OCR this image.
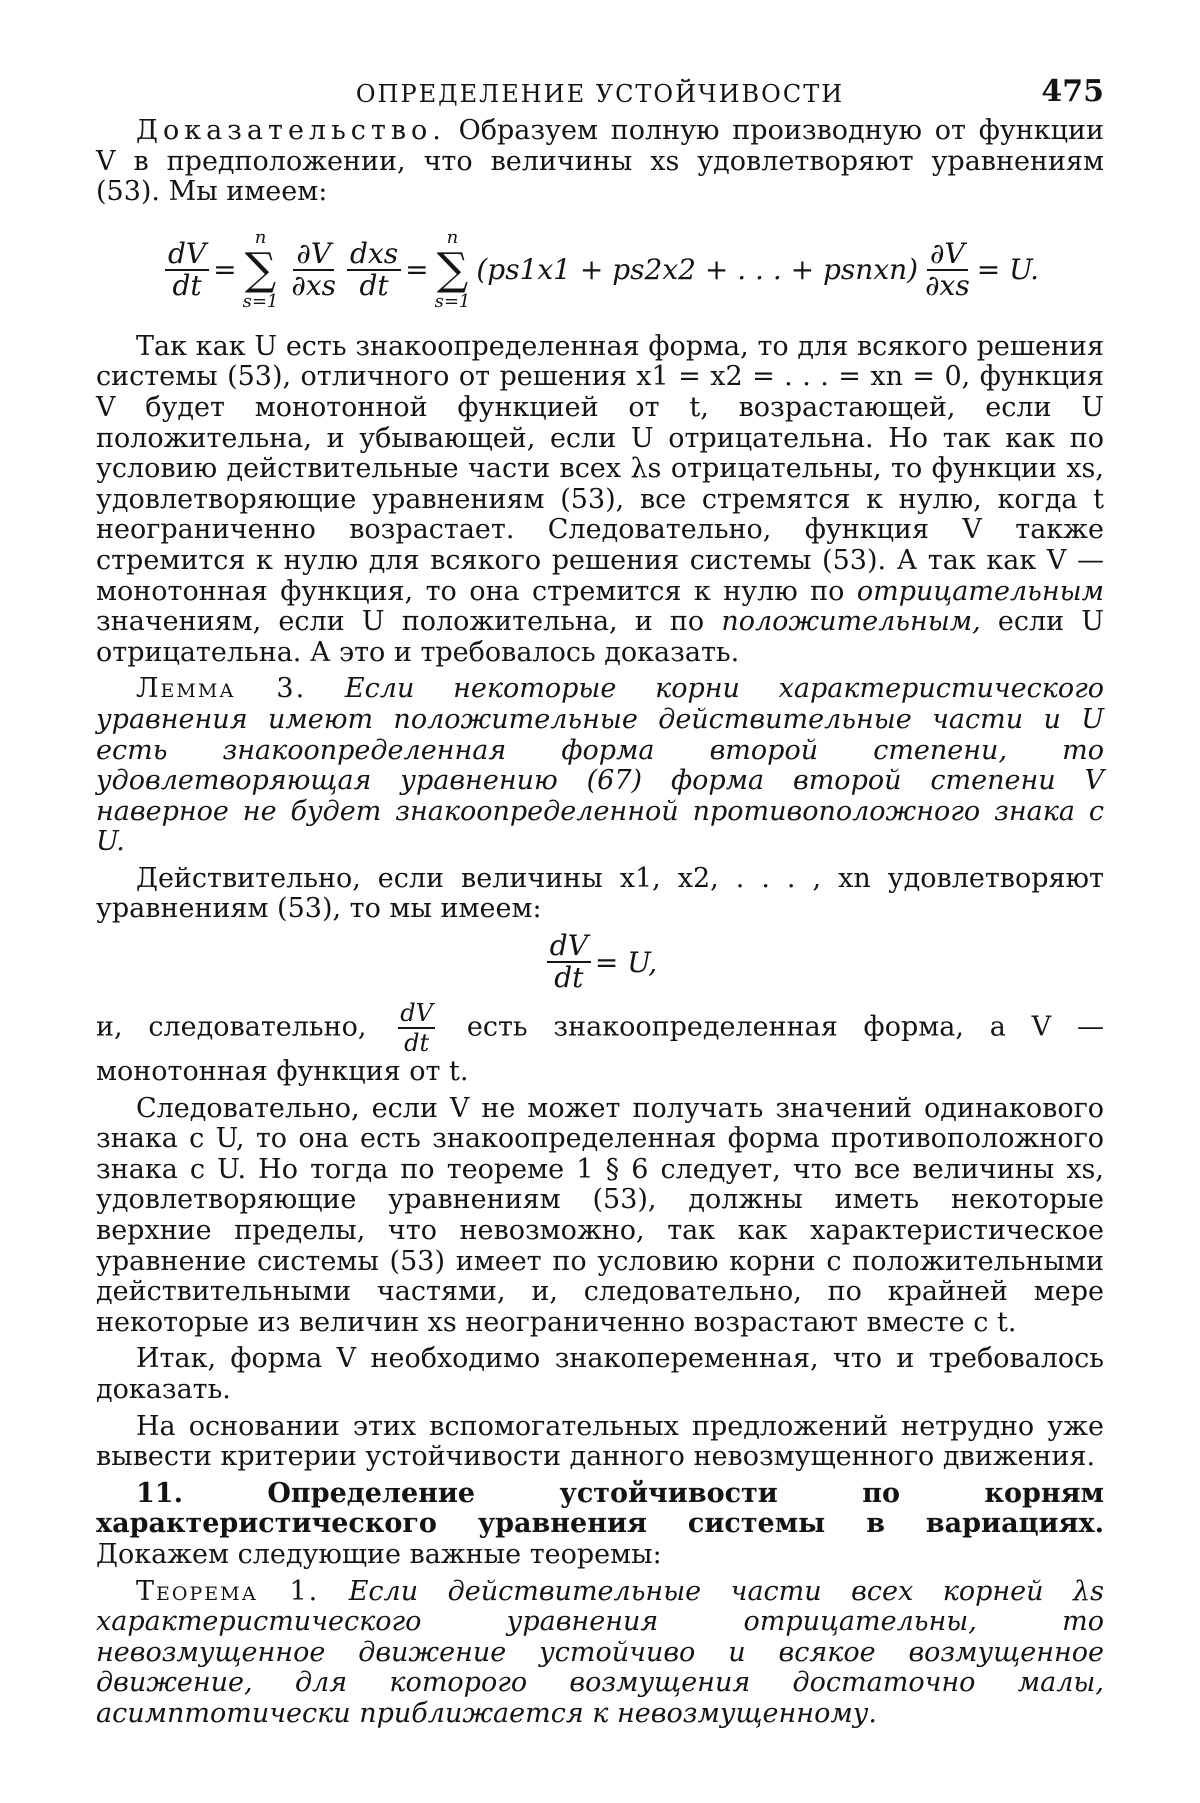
ОПРЕДЕЛЕНИЕ УСТОЙЧИВОСТИ	475

Доказательство. Образуем полную производную от функции V в предположении, что величины xs удовлетворяют уравнениям (53). Мы имеем:

$\frac{dV}{dt}$ =
n
∑
s=1
$\frac{\partial V}{\partial xs} \frac{\text{dxs}}{dt}$ =
n
∑
s=1
(ps1x1 + ps2x2 + . . . + psnxn) $\frac{\partial V}{\partial xs} = U$.

Так как U есть знакоопределенная форма, то для всякого решения системы (53), отличного от решения x1 = x2 = . . . = xn = 0, функция V будет монотонной функцией от t, возрастающей, если U положительна, и убывающей, если U отрицательна. Но так как по условию действительные части всех λs отрицательны, то функции xs, удовлетворяющие уравнениям (53), все стремятся к нулю, когда t неограниченно возрастает. Следовательно, функция V также стремится к нулю для всякого решения системы (53). А так как V — монотонная функция, то она стремится к нулю по отрицательным значениям, если U положительна, и по положительным, если U отрицательна. А это и требовалось доказать.

Лемма 3. Если некоторые корни характеристического уравнения имеют положительные действительные части и U есть знакоопределенная форма второй степени, то удовлетворяющая уравнению (67) форма второй степени V наверное не будет знакоопределенной противоположного знака с U.

Действительно, если величины x1, x2, . . . , xn удовлетворяют уравнениям (53), то мы имеем:

$\frac{dV}{dt} = U$,

и, следовательно, $\frac{dV}{dt}$ есть знакоопределенная форма, а V — монотонная функция от t.

Следовательно, если V не может получать значений одинакового знака с U, то она есть знакоопределенная форма противоположного знака с U. Но тогда по теореме 1 § 6 следует, что все величины xs, удовлетворяющие уравнениям (53), должны иметь некоторые верхние пределы, что невозможно, так как характеристическое уравнение системы (53) имеет по условию корни с положительными действительными частями, и, следовательно, по крайней мере некоторые из величин xs неограниченно возрастают вместе с t.

Итак, форма V необходимо знакопеременная, что и требовалось доказать.

На основании этих вспомогательных предложений нетрудно уже вывести критерии устойчивости данного невозмущенного движения.

11. Определение устойчивости по корням характеристического уравнения системы в вариациях. Докажем следующие важные теоремы:

Теорема 1. Если действительные части всех корней λs характеристического уравнения отрицательны, то невозмущенное движение устойчиво и всякое возмущенное движение, для которого возмущения достаточно малы, асимптотически приближается к невозмущенному.
